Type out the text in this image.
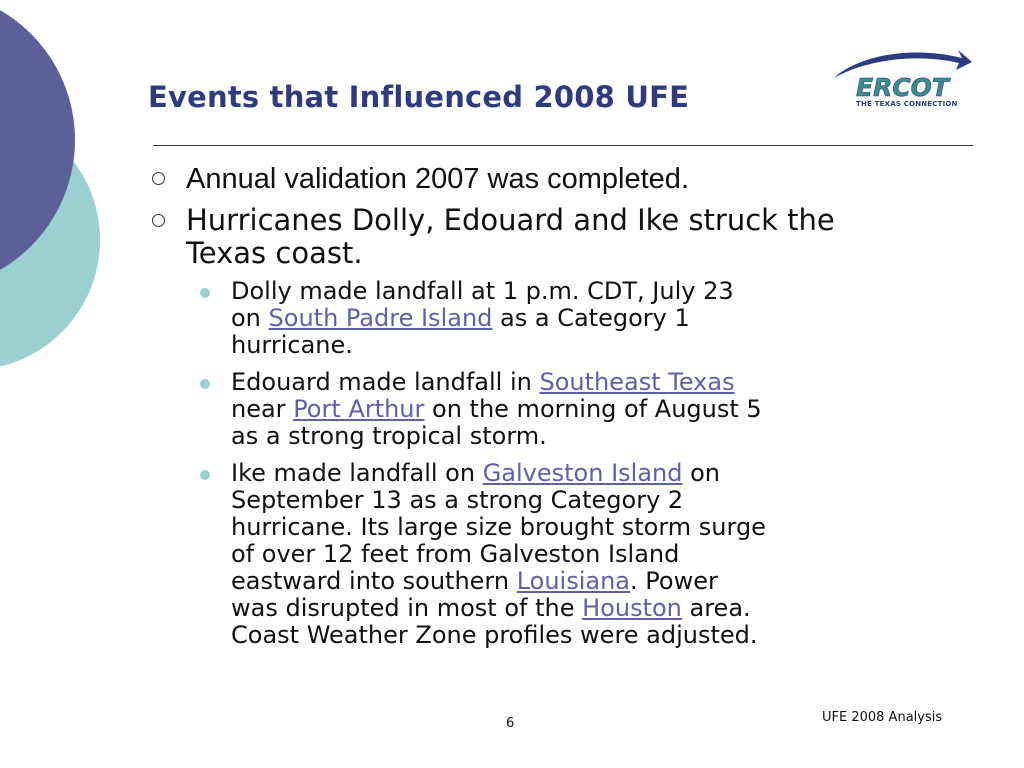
Events that Influenced 2008 UFE	ERCOT
THE TEXAS CONNECTION
Annual validation 2007 was completed.
Hurricanes Dolly, Edouard and Ike struck the Texas coast.
Dolly made landfall at 1 p.m. CDT, July 23 on South Padre Island as a Category 1 hurricane.
Edouard made landfall in Southeast Texas near Port Arthur on the morning of August 5 as a strong tropical storm.
Ike made landfall on Galveston Island on September 13 as a strong Category 2 hurricane. Its large size brought storm surge of over 12 feet from Galveston Island eastward into southern Louisiana. Power was disrupted in most of the Houston area. Coast Weather Zone profiles were adjusted.
6	UFE 2008 Analysis
